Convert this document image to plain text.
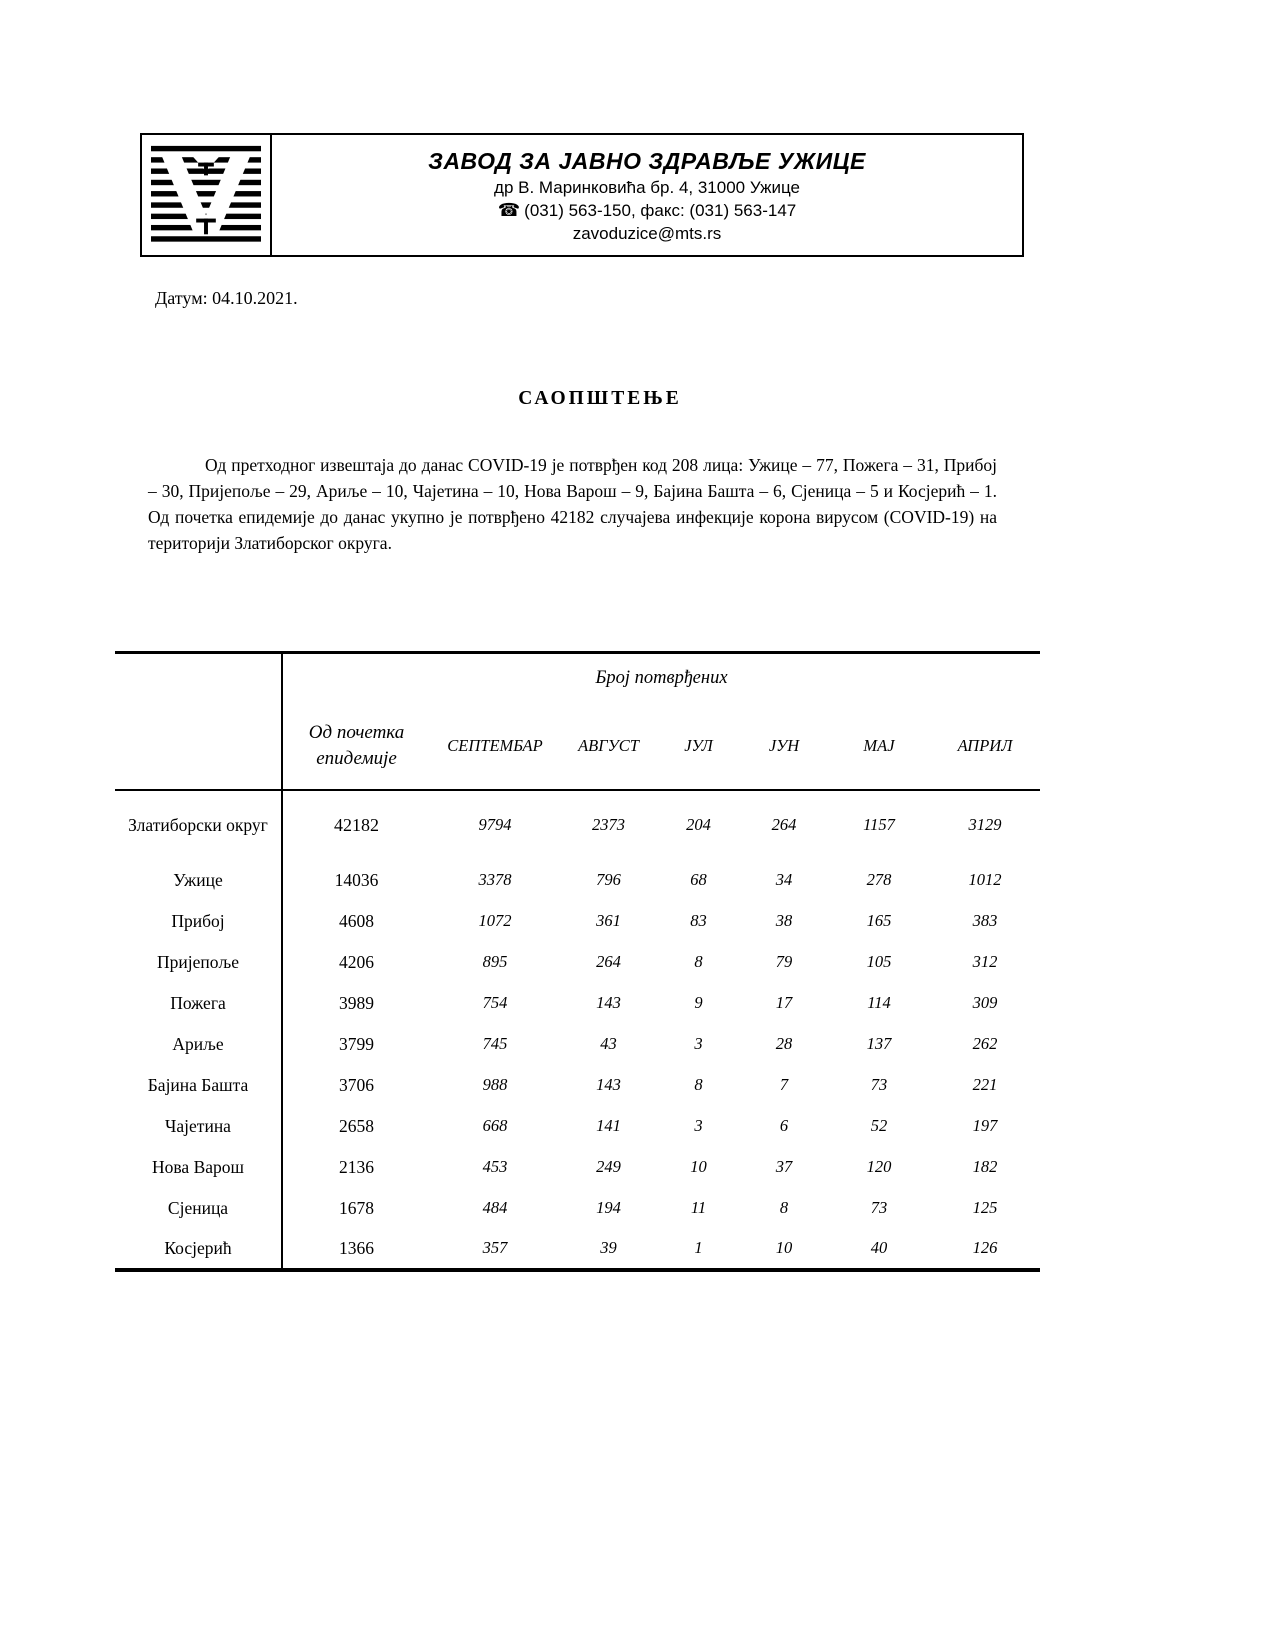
ЗАВОД ЗА ЈАВНО ЗДРАВЉЕ УЖИЦЕ
др В. Маринковића бр. 4, 31000 Ужице
☎ (031) 563-150, факс: (031) 563-147
zavoduzice@mts.rs
Датум: 04.10.2021.
САОПШТЕЊЕ

Од претходног извештаја до данас COVID-19 је потврђен код 208 лица: Ужице – 77, Пожега – 31, Прибој – 30, Пријепоље – 29, Ариље – 10, Чајетина – 10, Нова Варош – 9, Бајина Башта – 6, Сјеница – 5 и Косјерић – 1. Од почетка епидемије до данас укупно је потврђено 42182 случајева инфекције корона вирусом (COVID-19) на територији Златиборског округа.

	Број потврђених						
	Од почетка епидемије	СЕПТЕМБАР	АВГУСТ	ЈУЛ	ЈУН	МАЈ	АПРИЛ
Златиборски округ	42182	9794	2373	204	264	1157	3129
Ужице	14036	3378	796	68	34	278	1012
Прибој	4608	1072	361	83	38	165	383
Пријепоље	4206	895	264	8	79	105	312
Пожега	3989	754	143	9	17	114	309
Ариље	3799	745	43	3	28	137	262
Бајина Башта	3706	988	143	8	7	73	221
Чајетина	2658	668	141	3	6	52	197
Нова Варош	2136	453	249	10	37	120	182
Сјеница	1678	484	194	11	8	73	125
Косјерић	1366	357	39	1	10	40	126
